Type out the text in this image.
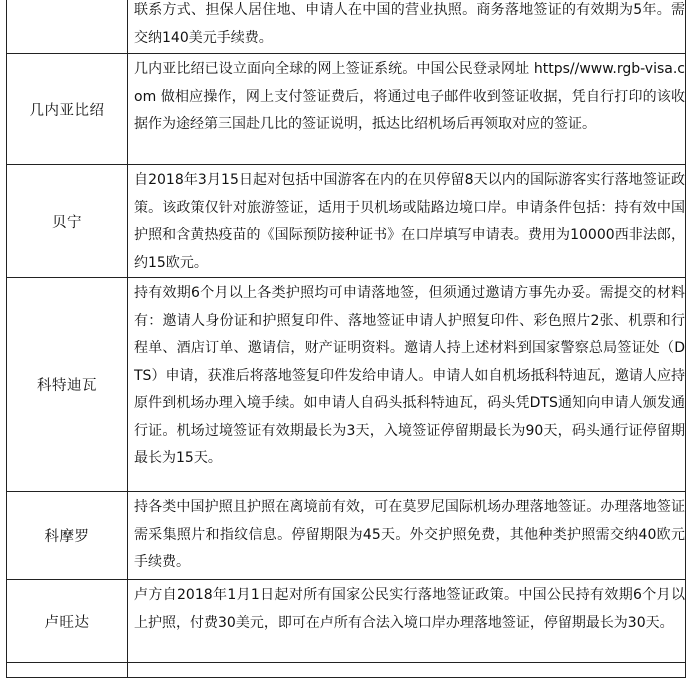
	联系方式、担保人居住地、申请人在中国的营业执照。商务落地签证的有效期为5年。需交纳140美元手续费。

几内亚比绍	几内亚比绍已设立面向全球的网上签证系统。中国公民登录网址 https//www.rgb-visa.com 做相应操作，网上支付签证费后，将通过电子邮件收到签证收据，凭自行打印的该收据作为途经第三国赴几比的签证说明，抵达比绍机场后再领取对应的签证。

贝宁	自2018年3月15日起对包括中国游客在内的在贝停留8天以内的国际游客实行落地签证政策。该政策仅针对旅游签证，适用于贝机场或陆路边境口岸。申请条件包括：持有效中国护照和含黄热疫苗的《国际预防接种证书》在口岸填写申请表。费用为10000西非法郎，约15欧元。

科特迪瓦	持有效期6个月以上各类护照均可申请落地签，但须通过邀请方事先办妥。需提交的材料有：邀请人身份证和护照复印件、落地签证申请人护照复印件、彩色照片2张、机票和行程单、酒店订单、邀请信，财产证明资料。邀请人持上述材料到国家警察总局签证处（DTS）申请，获准后将落地签复印件发给申请人。申请人如自机场抵科特迪瓦，邀请人应持原件到机场办理入境手续。如申请人自码头抵科特迪瓦，码头凭DTS通知向申请人颁发通行证。机场过境签证有效期最长为3天，入境签证停留期最长为90天，码头通行证停留期最长为15天。

科摩罗	持各类中国护照且护照在离境前有效，可在莫罗尼国际机场办理落地签证。办理落地签证需采集照片和指纹信息。停留期限为45天。外交护照免费，其他种类护照需交纳40欧元手续费。

卢旺达	卢方自2018年1月1日起对所有国家公民实行落地签证政策。中国公民持有效期6个月以上护照，付费30美元，即可在卢所有合法入境口岸办理落地签证，停留期最长为30天。
